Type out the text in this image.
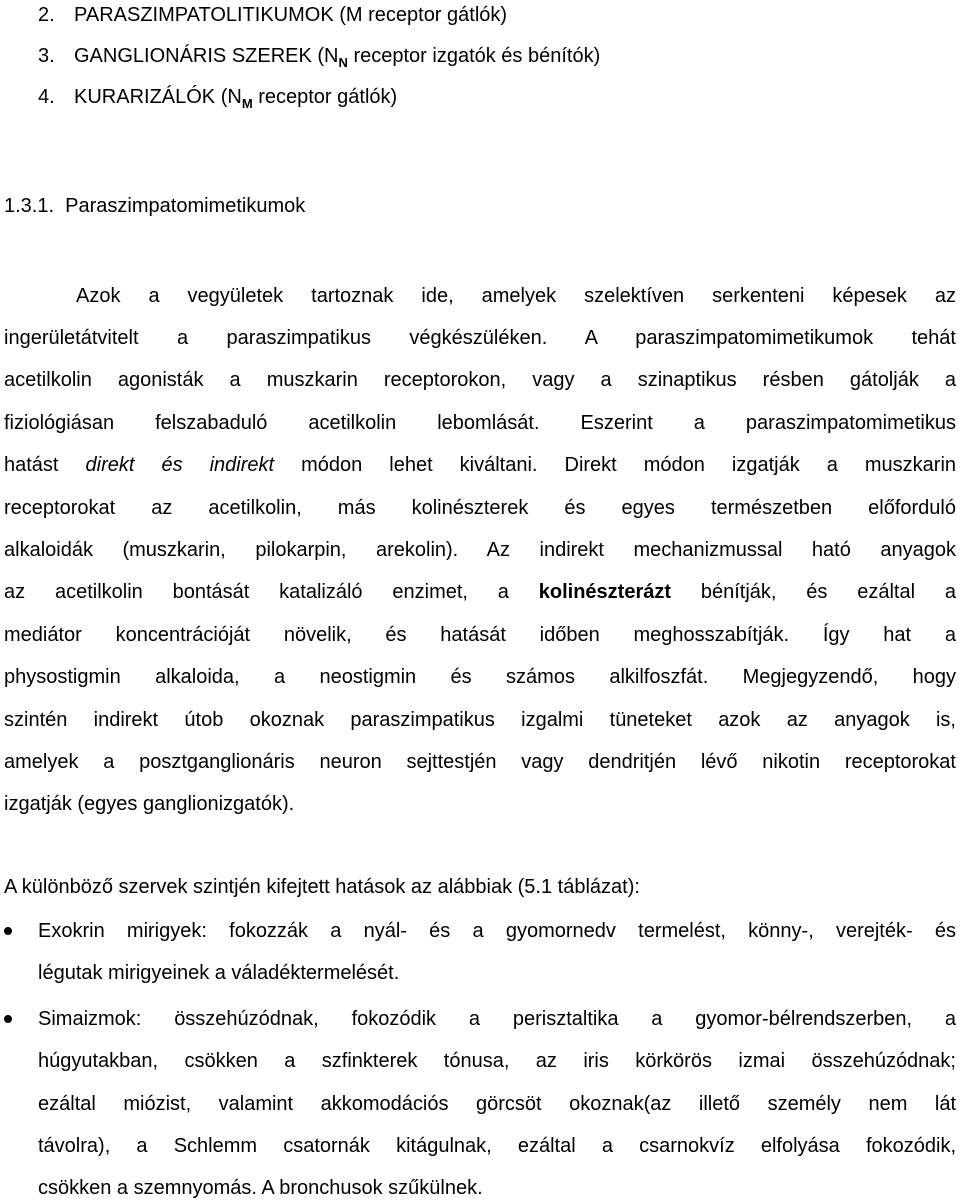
2. PARASZIMPATOLITIKUMOK (M receptor gátlók)
3. GANGLIONÁRIS SZEREK ($N_N$ receptor izgatók és bénítók)
4. KURARIZÁLÓK ($N_M$ receptor gátlók)
1.3.1. Paraszimpatomimetikumok
Azok a vegyületek tartoznak ide, amelyek szelektíven serkenteni képesek az
ingerületátvitelt a paraszimpatikus végkészüléken. A paraszimpatomimetikumok tehát
acetilkolin agonisták a muszkarin receptorokon, vagy a szinaptikus résben gátolják a
fiziológiásan felszabaduló acetilkolin lebomlását. Eszerint a paraszimpatomimetikus
hatást direkt és indirekt módon lehet kiváltani. Direkt módon izgatják a muszkarin
receptorokat az acetilkolin, más kolinészterek és egyes természetben előforduló
alkaloidák (muszkarin, pilokarpin, arekolin). Az indirekt mechanizmussal ható anyagok
az acetilkolin bontását katalizáló enzimet, a kolinészterázt bénítják, és ezáltal a
mediátor koncentrációját növelik, és hatását időben meghosszabítják. Így hat a
physostigmin alkaloida, a neostigmin és számos alkilfoszfát. Megjegyzendő, hogy
szintén indirekt útob okoznak paraszimpatikus izgalmi tüneteket azok az anyagok is,
amelyek a posztganglionáris neuron sejttestjén vagy dendritjén lévő nikotin receptorokat
izgatják (egyes ganglionizgatók).
A különböző szervek szintjén kifejtett hatások az alábbiak (5.1 táblázat):
Exokrin mirigyek: fokozzák a nyál- és a gyomornedv termelést, könny-, verejték- és
légutak mirigyeinek a váladéktermelését.
Simaizmok: összehúzódnak, fokozódik a perisztaltika a gyomor-bélrendszerben, a
húgyutakban, csökken a szfinkterek tónusa, az iris körkörös izmai összehúzódnak;
ezáltal miózist, valamint akkomodációs görcsöt okoznak(az illető személy nem lát
távolra), a Schlemm csatornák kitágulnak, ezáltal a csarnokvíz elfolyása fokozódik,
csökken a szemnyomás. A bronchusok szűkülnek.
